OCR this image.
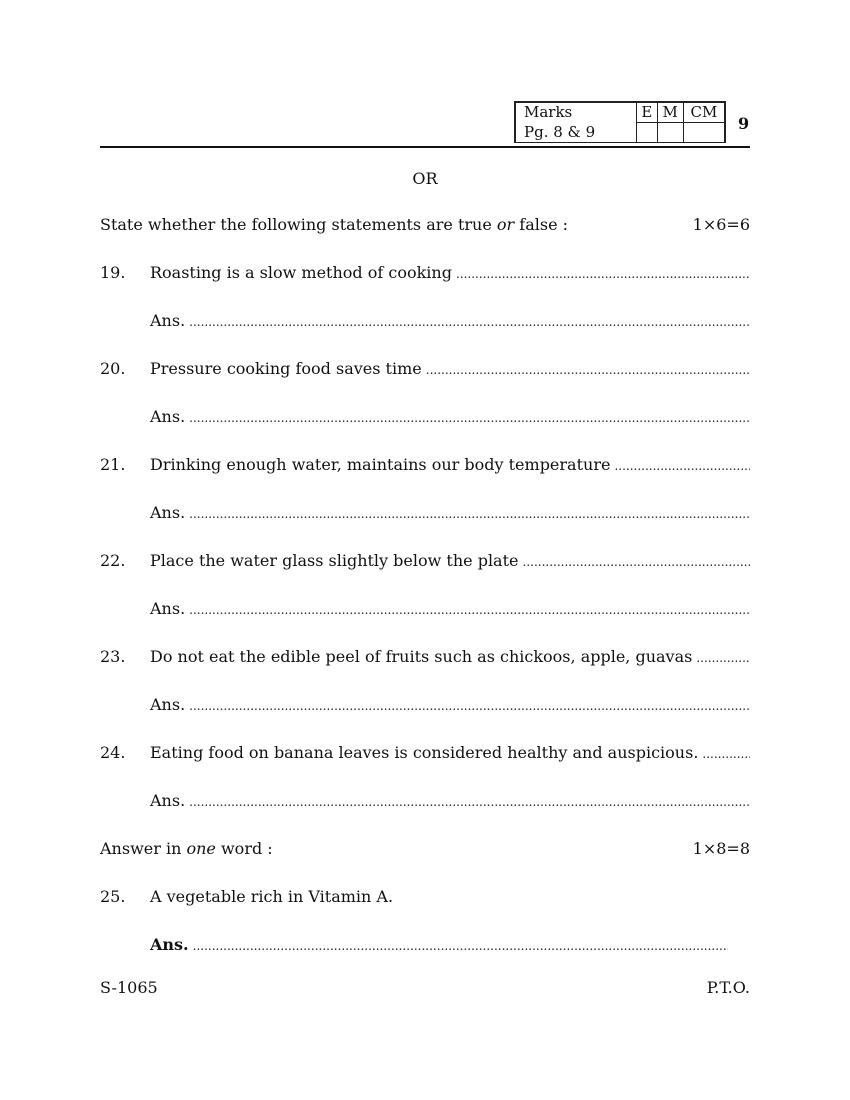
Marks	E	M	CM
Pg. 8 & 9				9
OR
State whether the following statements are true or false :	1×6=6
19.	Roasting is a slow method of cooking
.....
Ans.
.....
20.	Pressure cooking food saves time
.....
Ans.
.....
21.	Drinking enough water, maintains our body temperature
.....
Ans.
.....
22.	Place the water glass slightly below the plate
.....
Ans.
.....
23.	Do not eat the edible peel of fruits such as chickoos, apple, guavas
.....
Ans.
.....
24.	Eating food on banana leaves is considered healthy and auspicious.
.....
Ans.
.....
Answer in one word :	1×8=8
25.	A vegetable rich in Vitamin A.
Ans.
.....
S-1065	P.T.O.
